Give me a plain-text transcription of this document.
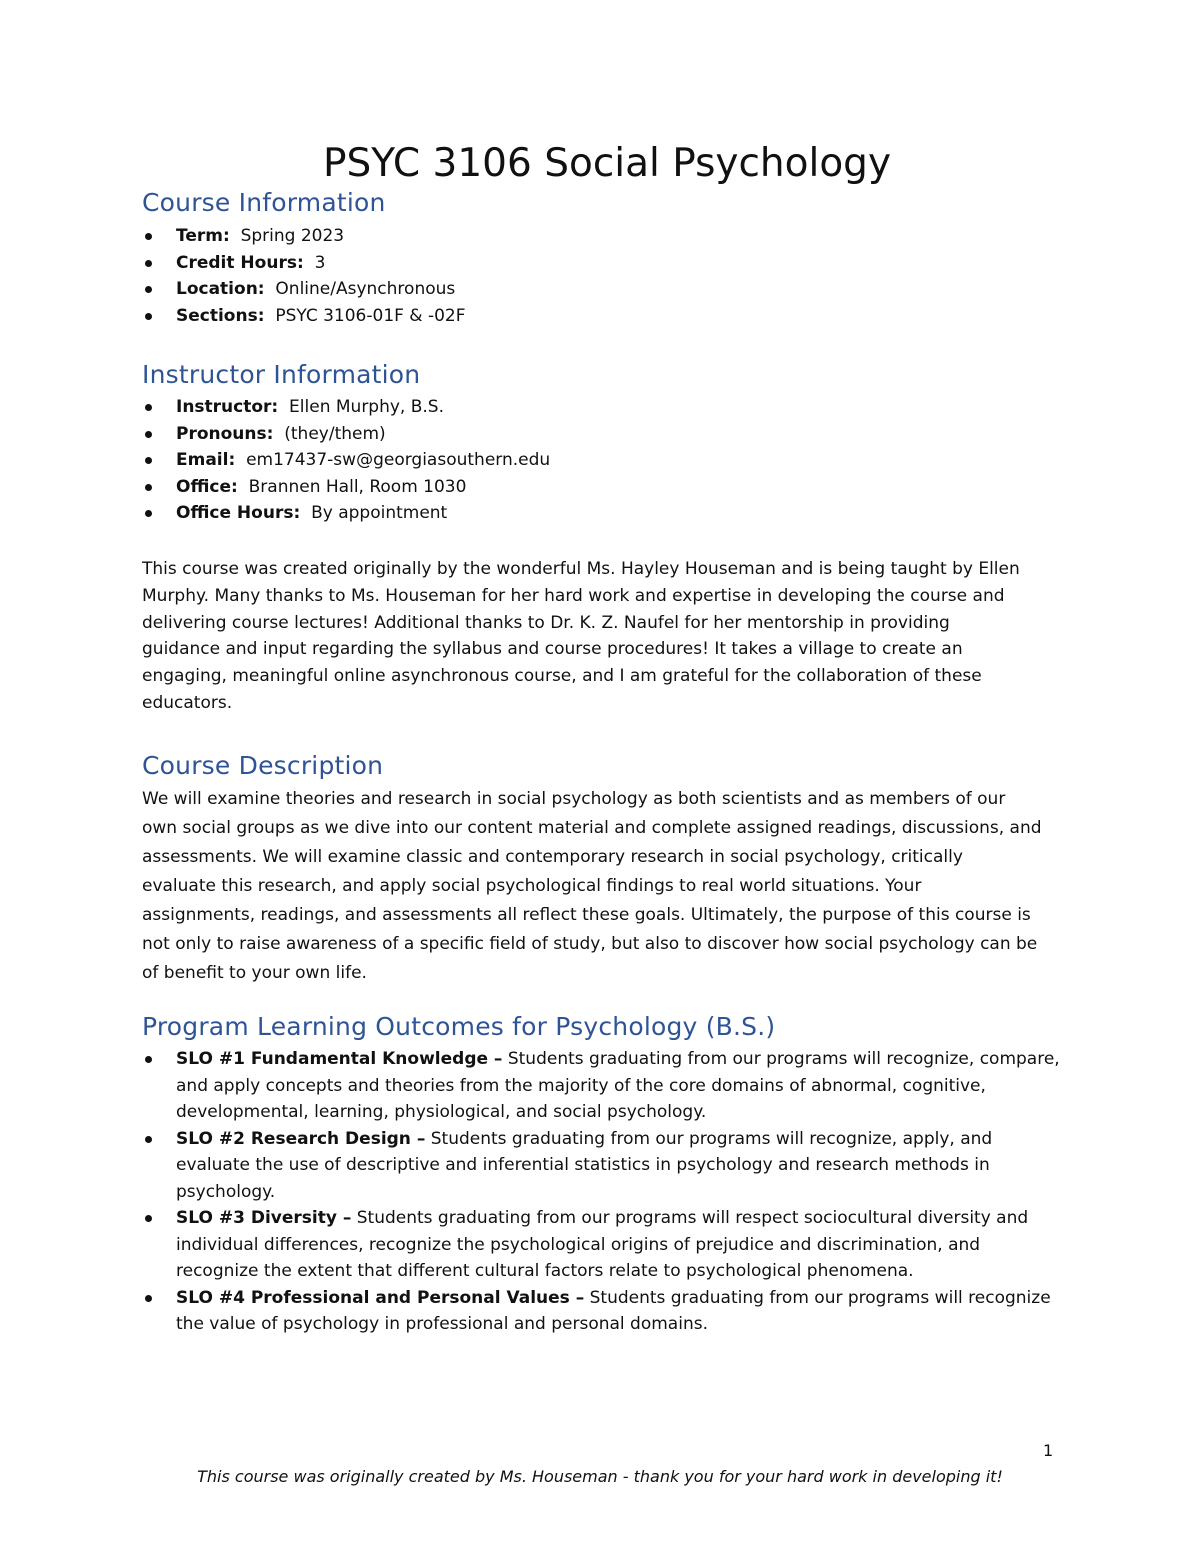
PSYC 3106 Social Psychology
Course Information
Term: Spring 2023
Credit Hours: 3
Location: Online/Asynchronous
Sections: PSYC 3106-01F & -02F
Instructor Information
Instructor: Ellen Murphy, B.S.
Pronouns: (they/them)
Email: em17437-sw@georgiasouthern.edu
Office: Brannen Hall, Room 1030
Office Hours: By appointment

This course was created originally by the wonderful Ms. Hayley Houseman and is being taught by Ellen
Murphy. Many thanks to Ms. Houseman for her hard work and expertise in developing the course and
delivering course lectures! Additional thanks to Dr. K. Z. Naufel for her mentorship in providing
guidance and input regarding the syllabus and course procedures! It takes a village to create an
engaging, meaningful online asynchronous course, and I am grateful for the collaboration of these
educators.

Course Description

We will examine theories and research in social psychology as both scientists and as members of our
own social groups as we dive into our content material and complete assigned readings, discussions, and
assessments. We will examine classic and contemporary research in social psychology, critically
evaluate this research, and apply social psychological findings to real world situations. Your
assignments, readings, and assessments all reflect these goals. Ultimately, the purpose of this course is
not only to raise awareness of a specific field of study, but also to discover how social psychology can be
of benefit to your own life.

Program Learning Outcomes for Psychology (B.S.)
SLO #1 Fundamental Knowledge – Students graduating from our programs will recognize, compare,
and apply concepts and theories from the majority of the core domains of abnormal, cognitive,
developmental, learning, physiological, and social psychology.
SLO #2 Research Design – Students graduating from our programs will recognize, apply, and
evaluate the use of descriptive and inferential statistics in psychology and research methods in
psychology.
SLO #3 Diversity – Students graduating from our programs will respect sociocultural diversity and
individual differences, recognize the psychological origins of prejudice and discrimination, and
recognize the extent that different cultural factors relate to psychological phenomena.
SLO #4 Professional and Personal Values – Students graduating from our programs will recognize
the value of psychology in professional and personal domains.
1
This course was originally created by Ms. Houseman - thank you for your hard work in developing it!
